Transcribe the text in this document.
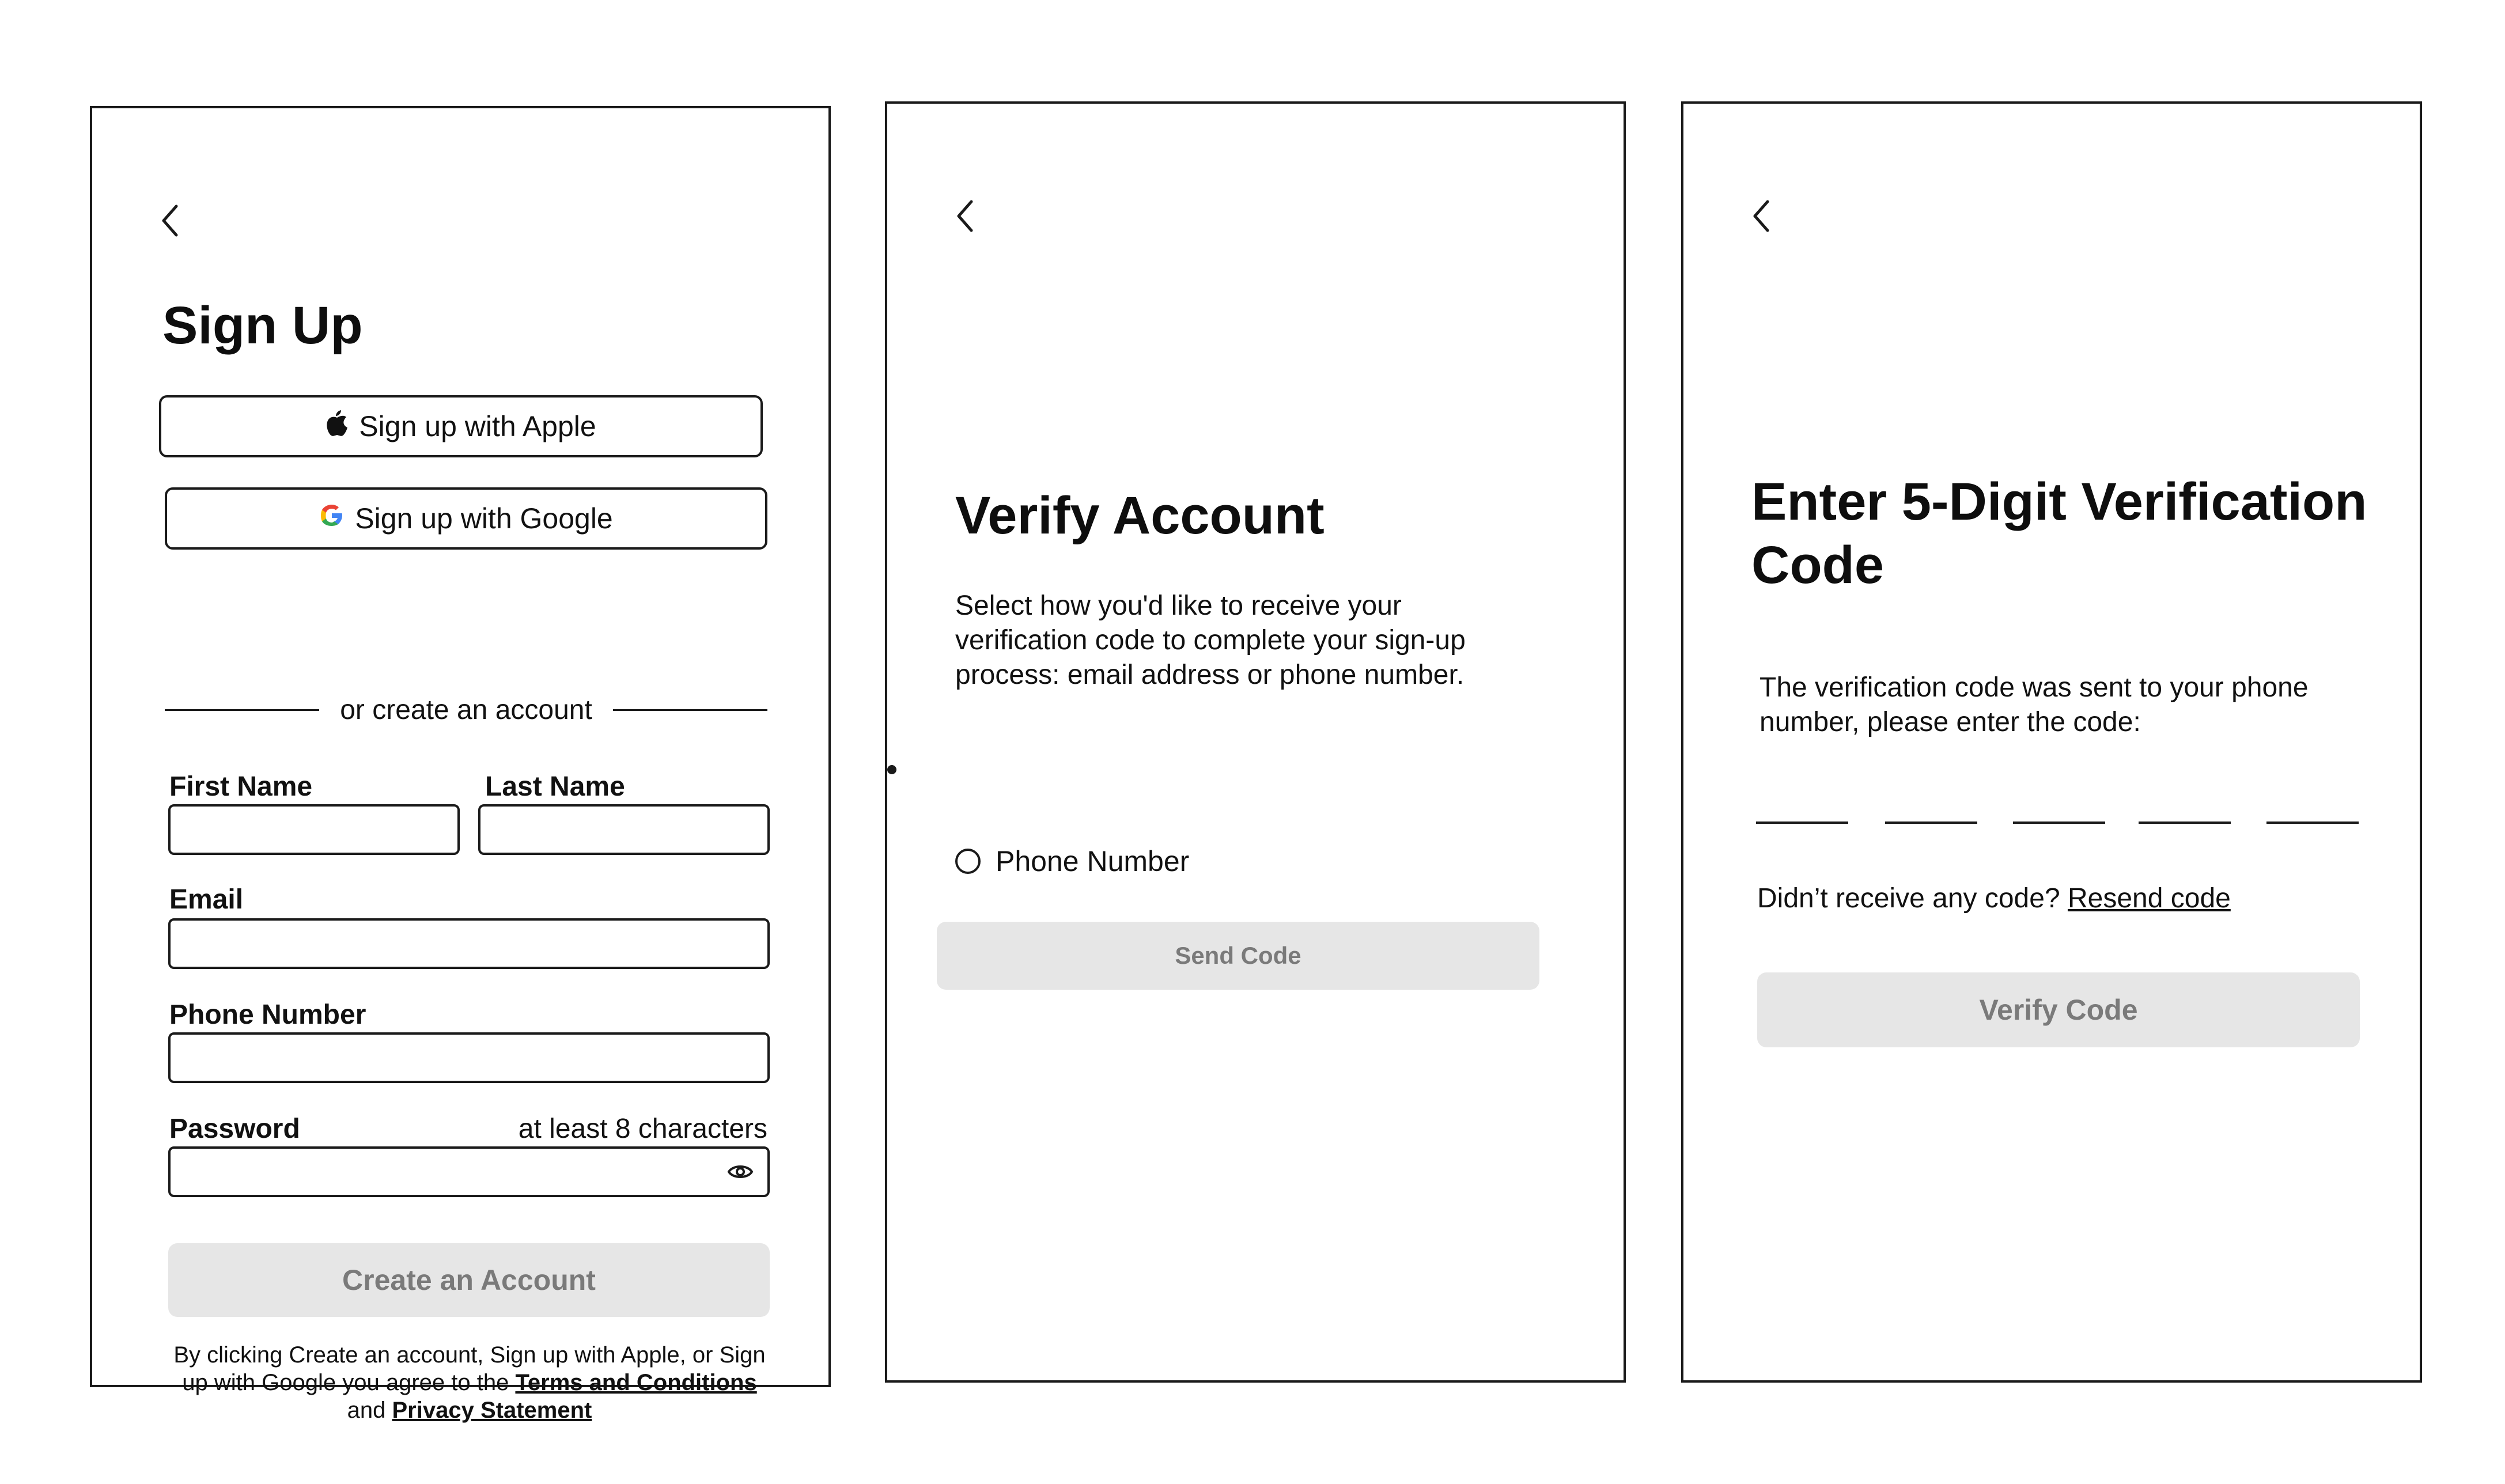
Sign Up
Sign up with Apple
Sign up with Google
or create an account
First Name	Last Name
Email
Phone Number
Password	at least 8 characters
Create an Account
By clicking Create an account, Sign up with Apple, or Sign up with Google you agree to the Terms and Conditions and Privacy Statement
Verify Account
Select how you'd like to receive your verification code to complete your sign-up process: email address or phone number.
Phone Number
Send Code
Enter 5-Digit Verification
Code
The verification code was sent to your phone number, please enter the code:
Didn’t receive any code? Resend code
Verify Code
